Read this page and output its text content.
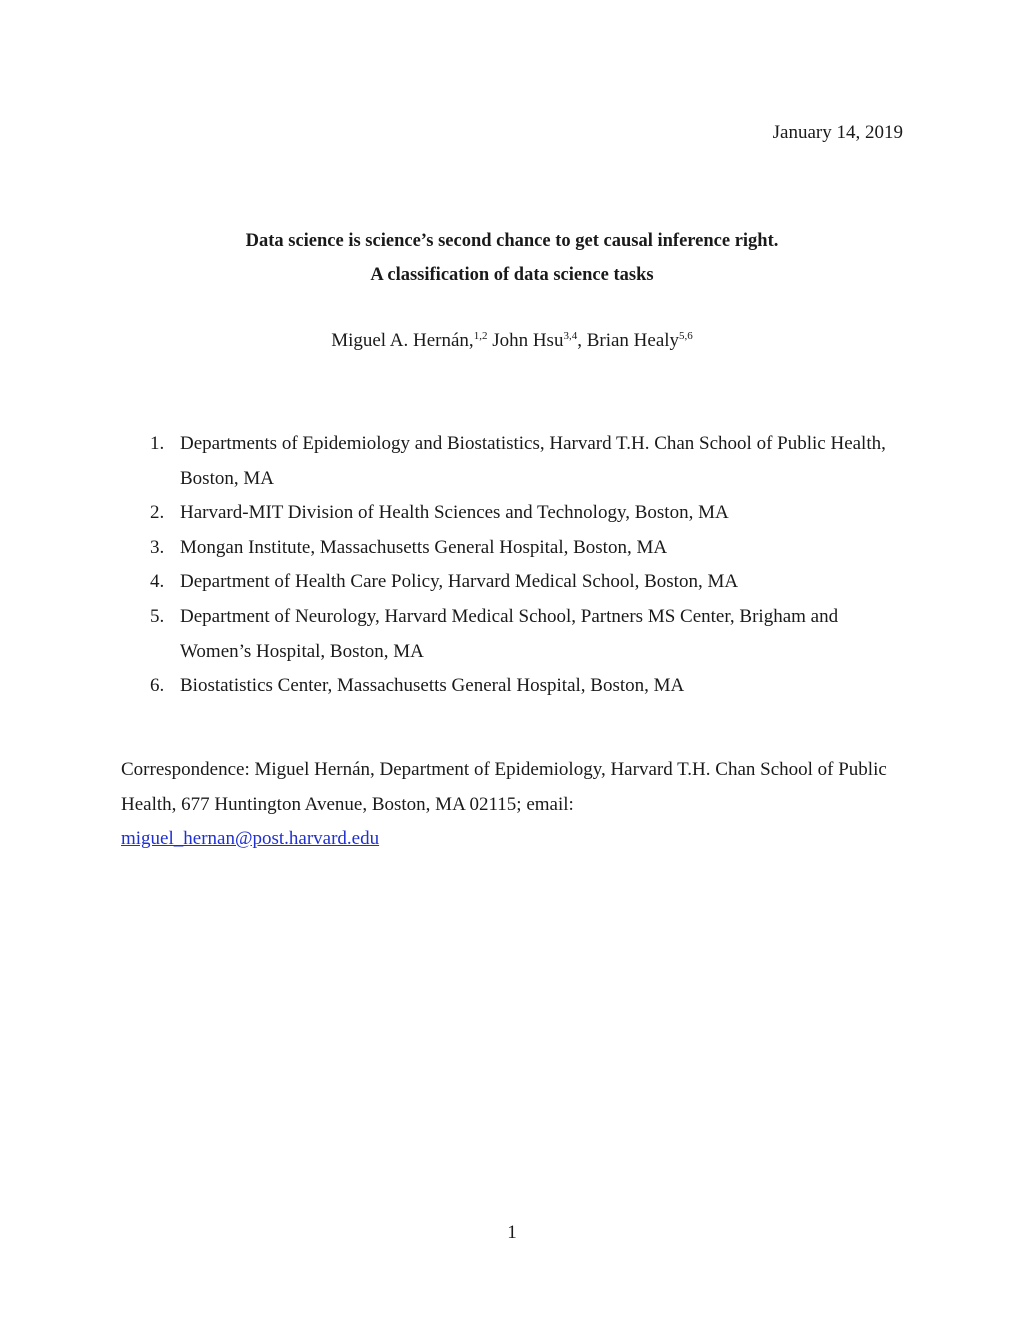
January 14, 2019
Data science is science’s second chance to get causal inference right.
A classification of data science tasks
Miguel A. Hernán,$^{1,2}$ John Hsu$^{3,4}$, Brian Healy$^{5,6}$
1. Departments of Epidemiology and Biostatistics, Harvard T.H. Chan School of Public Health, Boston, MA
2. Harvard-MIT Division of Health Sciences and Technology, Boston, MA
3. Mongan Institute, Massachusetts General Hospital, Boston, MA
4. Department of Health Care Policy, Harvard Medical School, Boston, MA
5. Department of Neurology, Harvard Medical School, Partners MS Center, Brigham and Women’s Hospital, Boston, MA
6. Biostatistics Center, Massachusetts General Hospital, Boston, MA
Correspondence: Miguel Hernán, Department of Epidemiology, Harvard T.H. Chan School of Public Health, 677 Huntington Avenue, Boston, MA 02115; email:
miguel_hernan@post.harvard.edu
1
